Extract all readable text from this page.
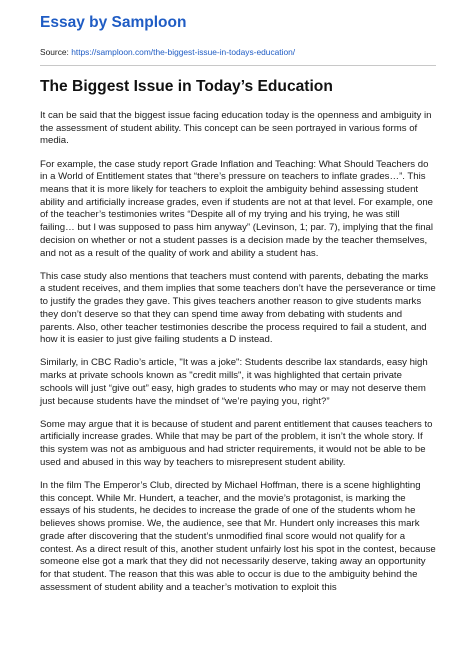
Essay by Samploon
Source: https://samploon.com/the-biggest-issue-in-todays-education/
The Biggest Issue in Today’s Education

It can be said that the biggest issue facing education today is the openness and ambiguity in the assessment of student ability. This concept can be seen portrayed in various forms of media.

For example, the case study report Grade Inflation and Teaching: What Should Teachers do in a World of Entitlement states that “there’s pressure on teachers to inflate grades…”. This means that it is more likely for teachers to exploit the ambiguity behind assessing student ability and artificially increase grades, even if students are not at that level. For example, one of the teacher’s testimonies writes “Despite all of my trying and his trying, he was still failing… but I was supposed to pass him anyway” (Levinson, 1; par. 7), implying that the final decision on whether or not a student passes is a decision made by the teacher themselves, and not as a result of the quality of work and ability a student has.

This case study also mentions that teachers must contend with parents, debating the marks a student receives, and them implies that some teachers don’t have the perseverance or time to justify the grades they gave. This gives teachers another reason to give students marks they don’t deserve so that they can spend time away from debating with students and parents. Also, other teacher testimonies describe the process required to fail a student, and how it is easier to just give failing students a D instead.

Similarly, in CBC Radio’s article, "It was a joke": Students describe lax standards, easy high marks at private schools known as "credit mills", it was highlighted that certain private schools will just “give out” easy, high grades to students who may or may not deserve them just because students have the mindset of “we’re paying you, right?”

Some may argue that it is because of student and parent entitlement that causes teachers to artificially increase grades. While that may be part of the problem, it isn’t the whole story. If this system was not as ambiguous and had stricter requirements, it would not be able to be used and abused in this way by teachers to misrepresent student ability.

In the film The Emperor’s Club, directed by Michael Hoffman, there is a scene highlighting this concept. While Mr. Hundert, a teacher, and the movie’s protagonist, is marking the essays of his students, he decides to increase the grade of one of the students whom he believes shows promise. We, the audience, see that Mr. Hundert only increases this mark grade after discovering that the student’s unmodified final score would not qualify for a contest. As a direct result of this, another student unfairly lost his spot in the contest, because someone else got a mark that they did not necessarily deserve, taking away an opportunity for that student. The reason that this was able to occur is due to the ambiguity behind the assessment of student ability and a teacher’s motivation to exploit this
